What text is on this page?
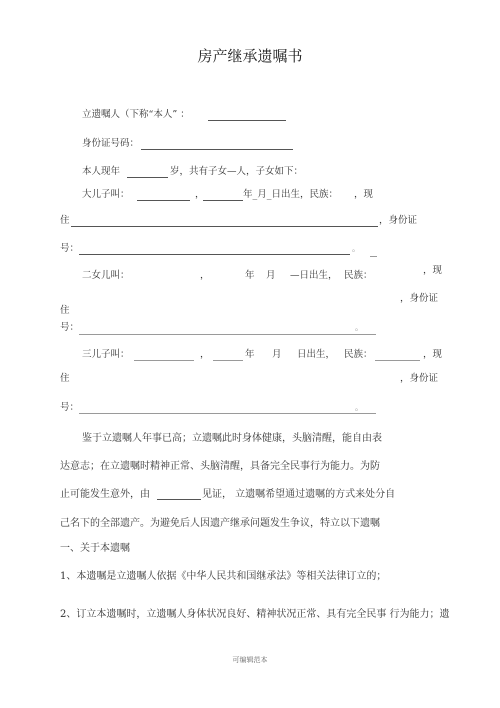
房产继承遗嘱书
立遗嘱人（下称“本人” ：
身份证号码：
本人现年	岁，共有子女—人，子女如下：
大儿子叫：	，	年_月_日出生，民族： ，现
住	，身份证
号：	。
二女儿叫：	，	年 月 —日出生， 民族：	，现
，身份证
住
号：	。
三儿子叫：	，	年 月 日出生， 民族：	，现
住	，身份证
号：	。
鉴于立遗嘱人年事已高；立遗嘱此时身体健康，头脑清醒，能自由表
达意志；在立遗嘱时精神正常、头脑清醒，具备完全民事行为能力。为防
止可能发生意外，由	见证， 立遗嘱希望通过遗嘱的方式来处分自
己名下的全部遗产。为避免后人因遗产继承问题发生争议，特立以下遗嘱
一、关于本遗嘱
1、本遗嘱是立遗嘱人依据《中华人民共和国继承法》等相关法律订立的；
2、订立本遗嘱时，立遗嘱人身体状况良好、精神状况正常、具有完全民事 行为能力；遗
可编辑范本
